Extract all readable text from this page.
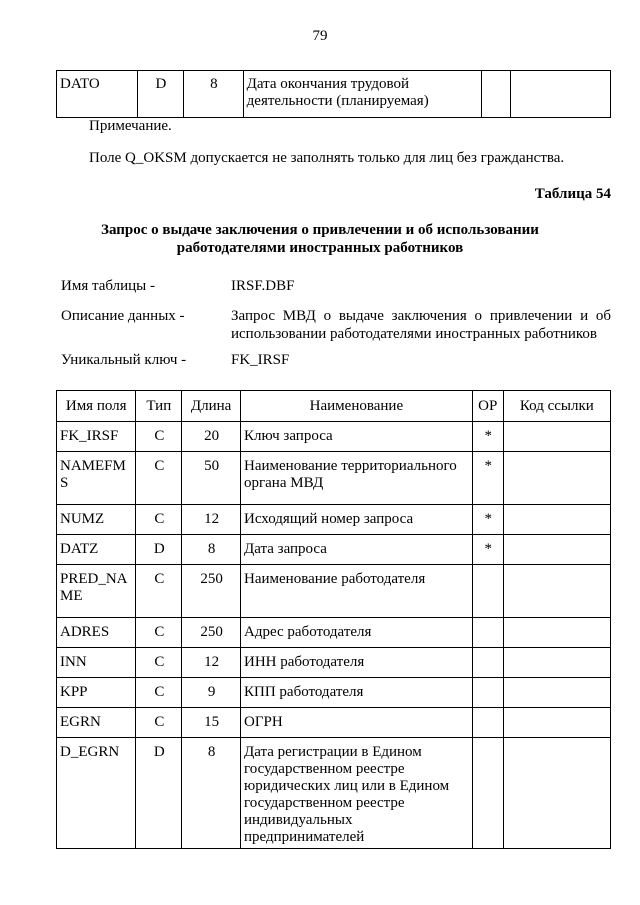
79
DATO	D	8	Дата окончания трудовой деятельности (планируемая)

Примечание.
Поле Q_OKSM допускается не заполнять только для лиц без гражданства.
Таблица 54
Запрос о выдаче заключения о привлечении и об использовании
работодателями иностранных работников
Имя таблицы -	IRSF.DBF
Описание данных -	Запрос МВД о выдаче заключения о привлечении и об использовании работодателями иностранных работников
Уникальный ключ -	FK_IRSF
Имя поля	Тип	Длина	Наименование	ОР	Код ссылки

FK_IRSF	C	20	Ключ запроса	*	

NAMEFMS	C	50	Наименование территориального органа МВД	*	

NUMZ	C	12	Исходящий номер запроса	*	

DATZ	D	8	Дата запроса	*	

PRED_NAME	C	250	Наименование работодателя		

ADRES	C	250	Адрес работодателя		

INN	C	12	ИНН работодателя		

KPP	C	9	КПП работодателя		

EGRN	C	15	ОГРН		

D_EGRN	D	8	Дата регистрации в Едином государственном реестре юридических лиц или в Едином государственном реестре индивидуальных предпринимателей		
